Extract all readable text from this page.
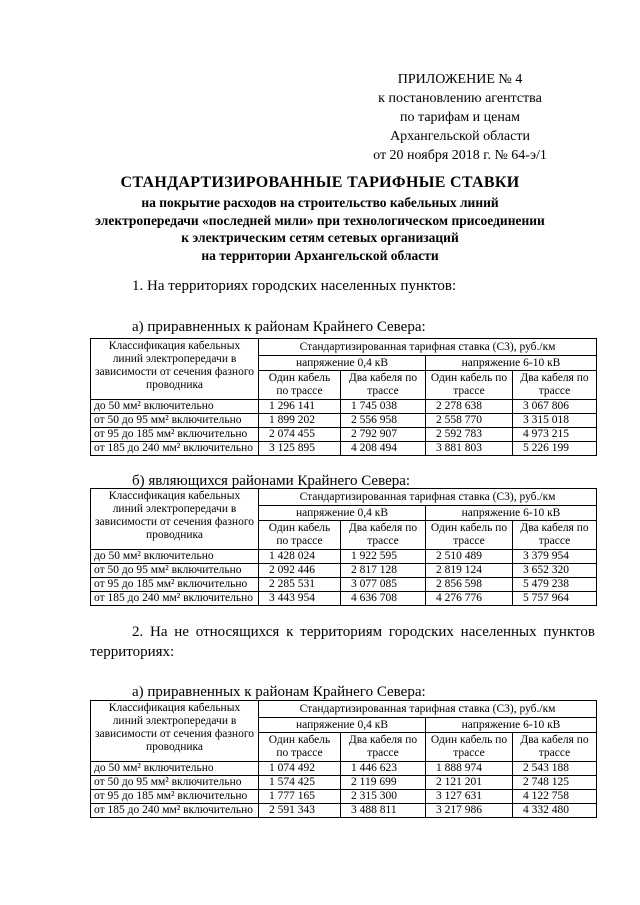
ПРИЛОЖЕНИЕ № 4
к постановлению агентства
по тарифам и ценам
Архангельской области
от 20 ноября 2018 г. № 64-э/1
СТАНДАРТИЗИРОВАННЫЕ ТАРИФНЫЕ СТАВКИ
на покрытие расходов на строительство кабельных линий
электропередачи «последней мили» при технологическом присоединении
к электрическим сетям сетевых организаций
на территории Архангельской области
1. На территориях городских населенных пунктов:
а) приравненных к районам Крайнего Севера:
Классификация кабельных линий электропередачи в зависимости от сечения фазного проводника	Стандартизированная тарифная ставка (С3), руб./км			
	напряжение 0,4 кВ		напряжение 6-10 кВ	
	Один кабель по трассе	Два кабеля по трассе	Один кабель по трассе	Два кабеля по трассе
до 50 мм² включительно	1 296 141	1 745 038	2 278 638	3 067 806
от 50 до 95 мм² включительно	1 899 202	2 556 958	2 558 770	3 315 018
от 95 до 185 мм² включительно	2 074 455	2 792 907	2 592 783	4 973 215
от 185 до 240 мм² включительно	3 125 895	4 208 494	3 881 803	5 226 199
б) являющихся районами Крайнего Севера:
Классификация кабельных линий электропередачи в зависимости от сечения фазного проводника	Стандартизированная тарифная ставка (С3), руб./км			
	напряжение 0,4 кВ		напряжение 6-10 кВ	
	Один кабель по трассе	Два кабеля по трассе	Один кабель по трассе	Два кабеля по трассе
до 50 мм² включительно	1 428 024	1 922 595	2 510 489	3 379 954
от 50 до 95 мм² включительно	2 092 446	2 817 128	2 819 124	3 652 320
от 95 до 185 мм² включительно	2 285 531	3 077 085	2 856 598	5 479 238
от 185 до 240 мм² включительно	3 443 954	4 636 708	4 276 776	5 757 964
2. На не относящихся к территориям городских населенных пунктов территориях:
а) приравненных к районам Крайнего Севера:
Классификация кабельных линий электропередачи в зависимости от сечения фазного проводника	Стандартизированная тарифная ставка (С3), руб./км			
	напряжение 0,4 кВ		напряжение 6-10 кВ	
	Один кабель по трассе	Два кабеля по трассе	Один кабель по трассе	Два кабеля по трассе
до 50 мм² включительно	1 074 492	1 446 623	1 888 974	2 543 188
от 50 до 95 мм² включительно	1 574 425	2 119 699	2 121 201	2 748 125
от 95 до 185 мм² включительно	1 777 165	2 315 300	3 127 631	4 122 758
от 185 до 240 мм² включительно	2 591 343	3 488 811	3 217 986	4 332 480
